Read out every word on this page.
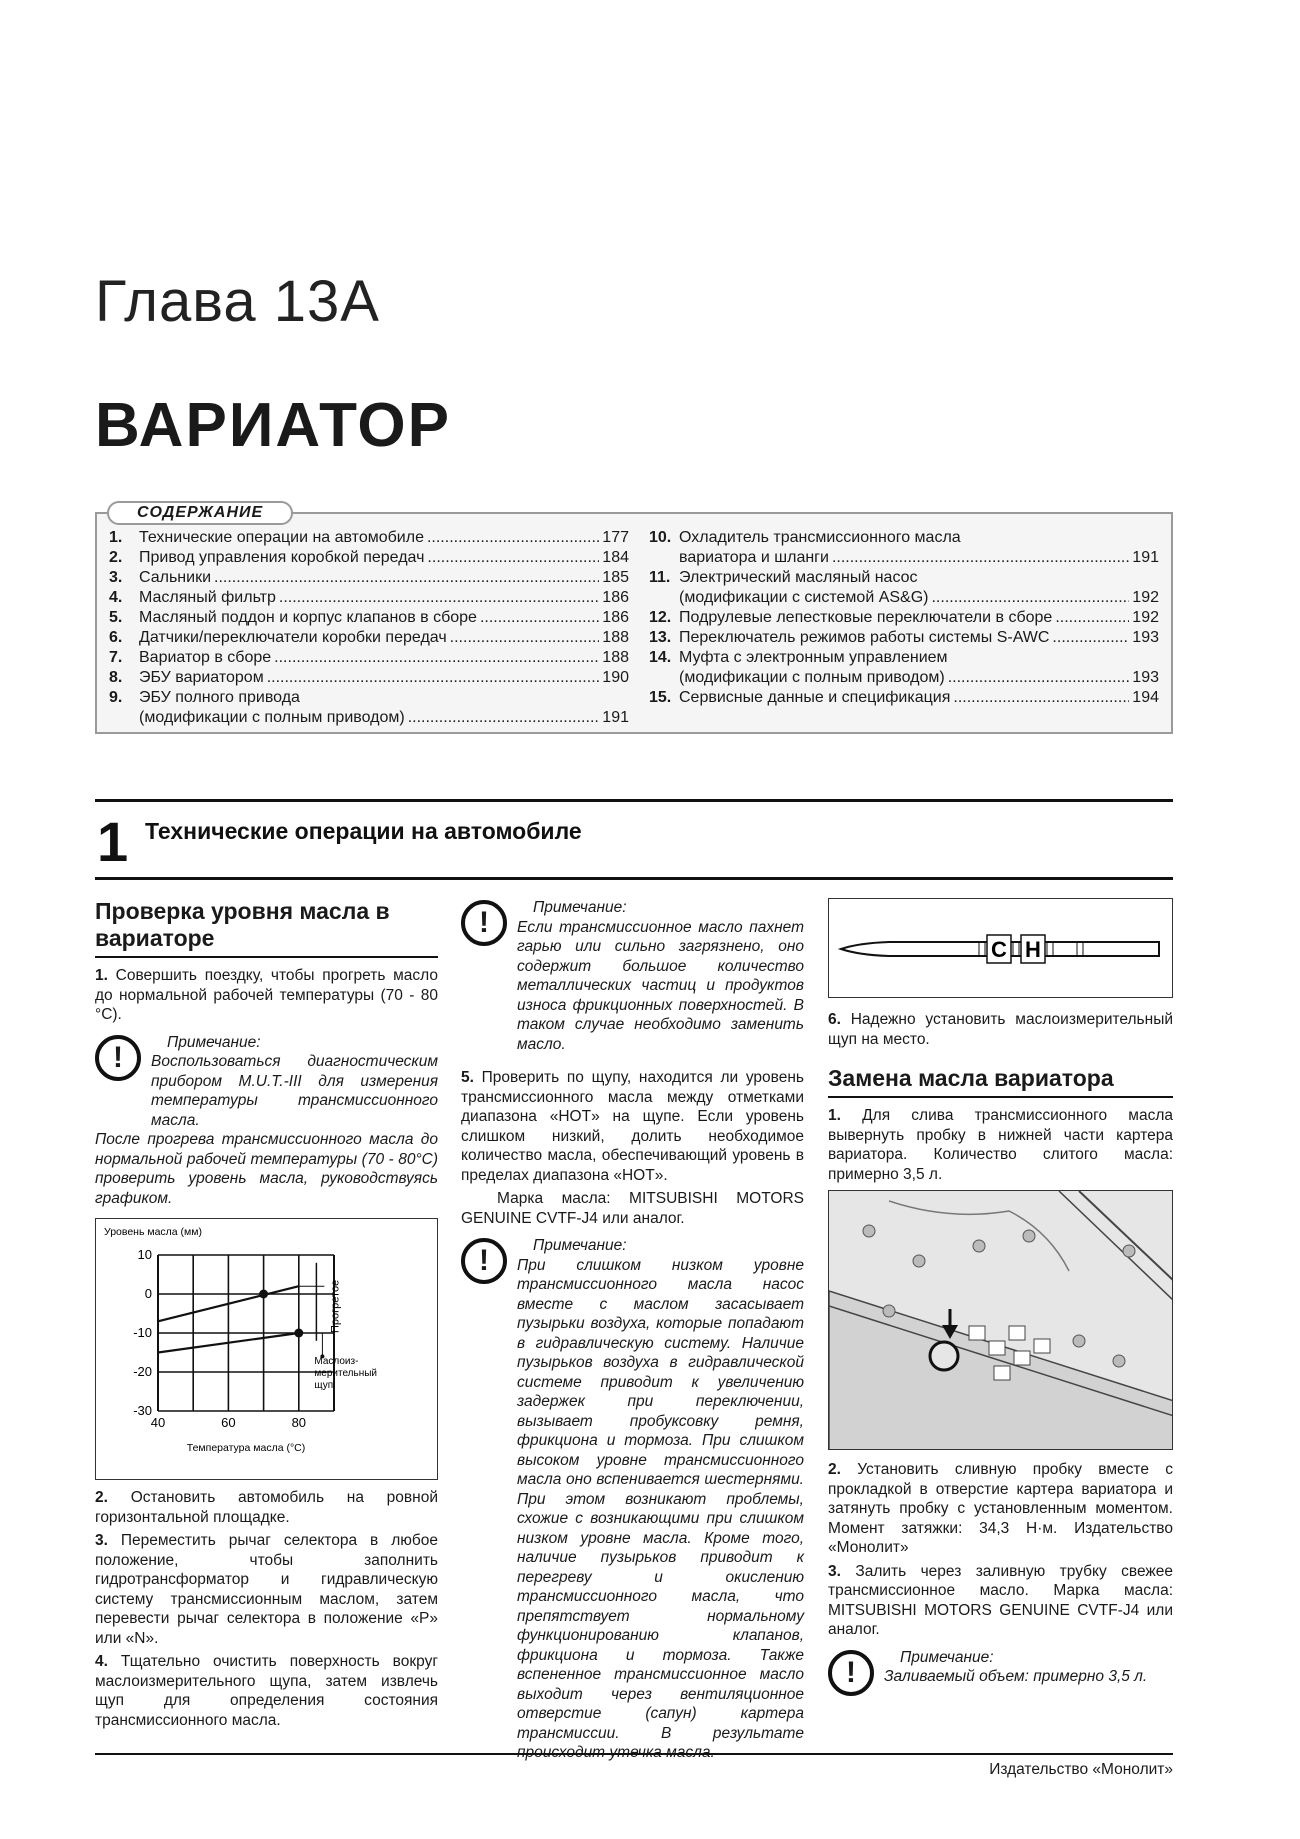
Глава 13А
ВАРИАТОР
СОДЕРЖАНИЕ
1.	Технические операции на автомобиле .....	177
2.	Привод управления коробкой передач .....	184
3.	Сальники .....	185
4.	Масляный фильтр .....	186
5.	Масляный поддон и корпус клапанов в сборе .....	186
6.	Датчики/переключатели коробки передач .....	188
7.	Вариатор в сборе .....	188
8.	ЭБУ вариатором .....	190
9.	ЭБУ полного привода
(модификации с полным приводом) .....	191
10. Охладитель трансмиссионного масла
вариатора и шланги .....	191
11. Электрический масляный насос
(модификации с системой AS&G) .....	192
12. Подрулевые лепестковые переключатели в сборе .....	192
13. Переключатель режимов работы системы S-AWC .....	193
14. Муфта с электронным управлением
(модификации с полным приводом) .....	193
15. Сервисные данные и спецификация .....	194
1 Технические операции на автомобиле
Проверка уровня масла в вариаторе

1. Совершить поездку, чтобы прогреть масло до нормальной рабочей температуры (70 - 80 °C).

!	Примечание:
Воспользоваться диагностическим прибором M.U.T.-III для измерения температуры трансмиссионного масла.
После прогрева трансмиссионного масла до нормальной рабочей температуры (70 - 80°C) проверить уровень масла, руководствуясь графиком.
Уровень масла (мм)
10
0
-10
-20
-30
40	60	80
Температура масла (°C)
Прогретое
Маслоиз-мерительный щуп

2. Остановить автомобиль на ровной горизонтальной площадке.

3. Переместить рычаг селектора в любое положение, чтобы заполнить гидротрансформатор и гидравлическую систему трансмиссионным маслом, затем перевести рычаг селектора в положение «P» или «N».

4. Тщательно очистить поверхность вокруг маслоизмерительного щупа, затем извлечь щуп для определения состояния трансмиссионного масла.

!	Примечание:
Если трансмиссионное масло пахнет гарью или сильно загрязнено, оно содержит большое количество металлических частиц и продуктов износа фрикционных поверхностей. В таком случае необходимо заменить масло.

5. Проверить по щупу, находится ли уровень трансмиссионного масла между отметками диапазона «HOT» на щупе. Если уровень слишком низкий, долить необходимое количество масла, обеспечивающий уровень в пределах диапазона «HOT».

Марка масла: MITSUBISHI MOTORS GENUINE CVTF-J4 или аналог.

!	Примечание:
При слишком низком уровне трансмиссионного масла насос вместе с маслом засасывает пузырьки воздуха, которые попадают в гидравлическую систему. Наличие пузырьков воздуха в гидравлической системе приводит к увеличению задержек при переключении, вызывает пробуксовку ремня, фрикциона и тормоза. При слишком высоком уровне трансмиссионного масла оно вспенивается шестернями. При этом возникают проблемы, схожие с возникающими при слишком низком уровне масла. Кроме того, наличие пузырьков приводит к перегреву и окислению трансмиссионного масла, что препятствует нормальному функционированию клапанов, фрикциона и тормоза. Также вспененное трансмиссионное масло выходит через вентиляционное отверстие (сапун) картера трансмиссии. В результате
C H

6. Надежно установить маслоизмерительный щуп на место.

Замена масла вариатора

1. Для слива трансмиссионного масла вывернуть пробку в нижней части картера вариатора. Количество слитого масла: примерно 3,5 л.

2. Установить сливную пробку вместе с прокладкой в отверстие картера вариатора и затянуть пробку с установленным моментом. Момент затяжки: 34,3 Н·м. Издательство «Монолит»

3. Залить через заливную трубку свежее трансмиссионное масло. Марка масла: MITSUBISHI MOTORS GENUINE CVTF-J4 или аналог.

!	Примечание:
Заливаемый объем: примерно 3,5 л.
Издательство «Монолит»
